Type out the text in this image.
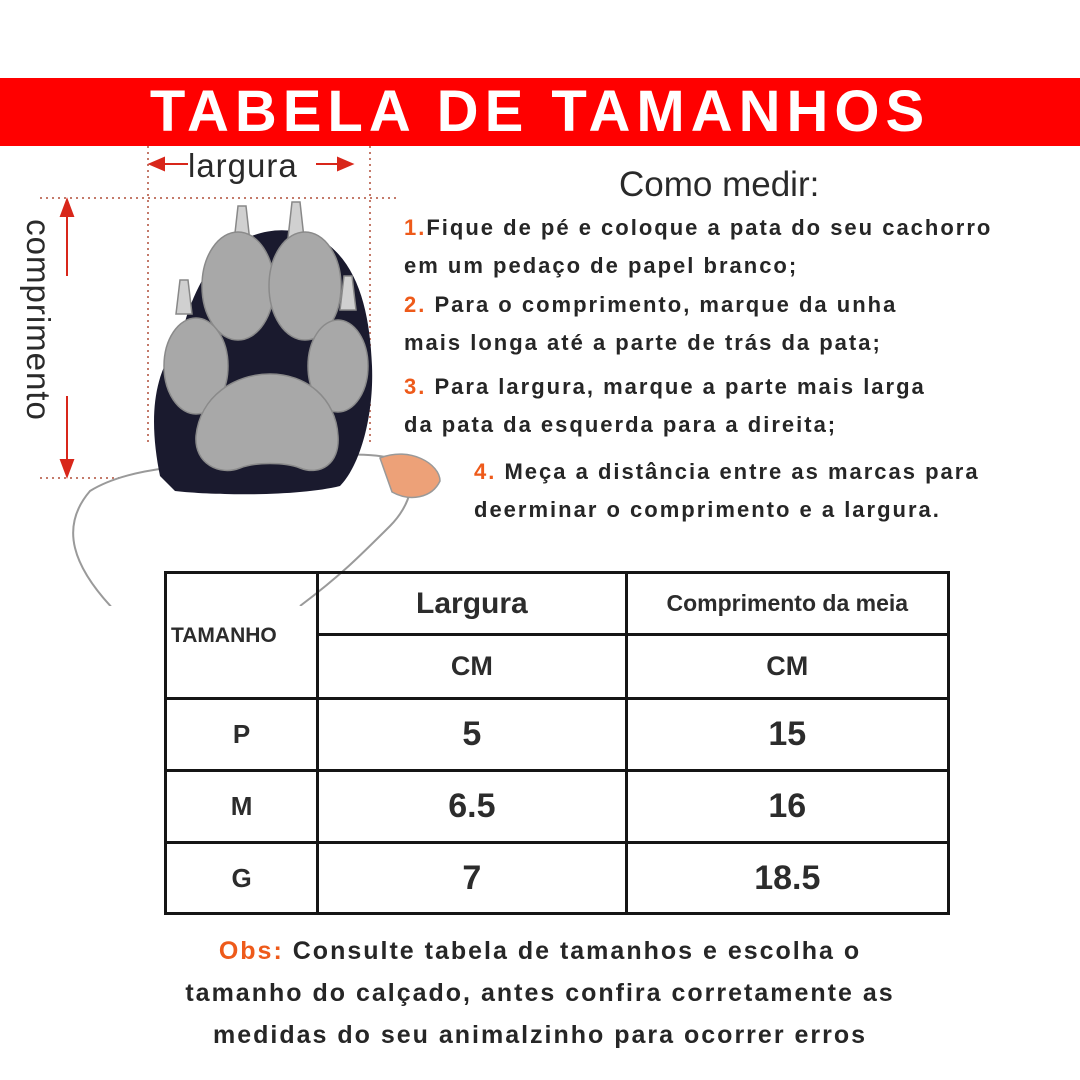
TABELA DE TAMANHOS
largura
comprimento
Como medir:
1.Fique de pé e coloque a pata do seu cachorro
em um pedaço de papel branco;
2. Para o comprimento, marque da unha
mais longa até a parte de trás da pata;
3. Para largura, marque a parte mais larga
da pata da esquerda para a direita;
4. Meça a distância entre as marcas para
deerminar o comprimento e a largura.
TAMANHO	Largura	Comprimento da meia
	CM	CM
P	5	15
M	6.5	16
G	7	18.5
Obs: Consulte tabela de tamanhos e escolha o
tamanho do calçado, antes confira corretamente as
medidas do seu animalzinho para ocorrer erros
